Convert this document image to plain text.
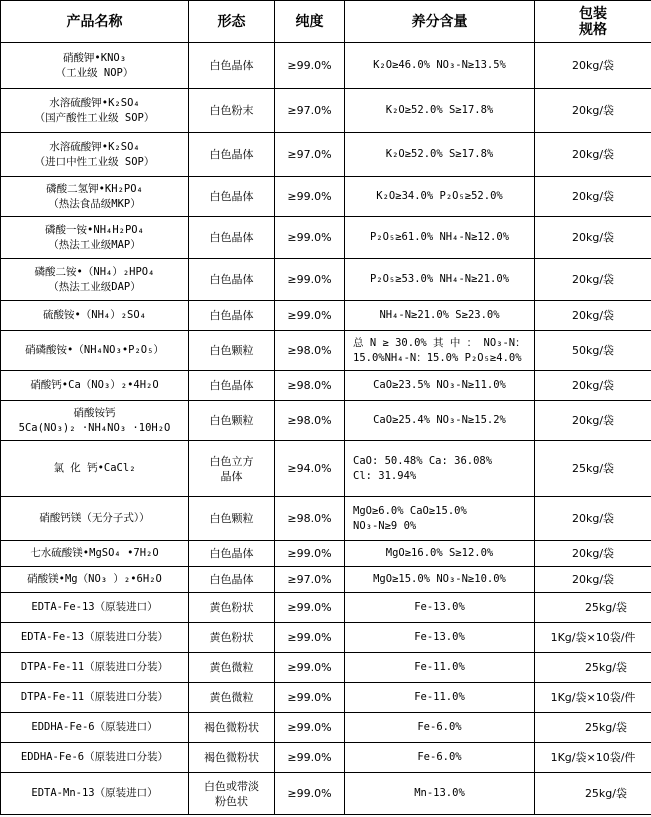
产品名称	形态	纯度	养分含量	包装
规格

硝酸钾•KNO₃
（工业级 NOP）	白色晶体	≥99.0%	K₂O≥46.0% NO₃-N≥13.5%	20kg/袋

水溶硫酸钾•K₂SO₄
（国产酸性工业级 SOP）	白色粉末	≥97.0%	K₂O≥52.0% S≥17.8%	20kg/袋

水溶硫酸钾•K₂SO₄
（进口中性工业级 SOP）	白色晶体	≥97.0%	K₂O≥52.0% S≥17.8%	20kg/袋

磷酸二氢钾•KH₂PO₄
（热法食品级MKP）	白色晶体	≥99.0%	K₂O≥34.0% P₂O₅≥52.0%	20kg/袋

磷酸一铵•NH₄H₂PO₄
（热法工业级MAP）	白色晶体	≥99.0%	P₂O₅≥61.0% NH₄-N≥12.0%	20kg/袋

磷酸二铵•（NH₄）₂HPO₄
（热法工业级DAP）	白色晶体	≥99.0%	P₂O₅≥53.0% NH₄-N≥21.0%	20kg/袋

硫酸铵•（NH₄）₂SO₄	白色晶体	≥99.0%	NH₄-N≥21.0% S≥23.0%	20kg/袋

硝磷酸铵•（NH₄NO₃•P₂O₅）	白色颗粒	≥98.0%	总 N ≥ 30.0% 其 中 ： NO₃-N：
15.0%NH₄-N：15.0% P₂O₅≥4.0%	50kg/袋

硝酸钙•Ca（NO₃）₂•4H₂O	白色晶体	≥98.0%	CaO≥23.5% NO₃-N≥11.0%	20kg/袋

硝酸铵钙
5Ca(NO₃)₂ ·NH₄NO₃ ·10H₂O	白色颗粒	≥98.0%	CaO≥25.4% NO₃-N≥15.2%	20kg/袋

氯 化 钙•CaCl₂	白色立方
晶体	≥94.0%	CaO: 50.48% Ca: 36.08%
Cl: 31.94%	25kg/袋

硝酸钙镁（无分子式））	白色颗粒	≥98.0%	MgO≥6.0% CaO≥15.0%
NO₃-N≥9 0%	20kg/袋

七水硫酸镁•MgSO₄ •7H₂O	白色晶体	≥99.0%	MgO≥16.0% S≥12.0%	20kg/袋

硝酸镁•Mg（NO₃ ）₂•6H₂O	白色晶体	≥97.0%	MgO≥15.0% NO₃-N≥10.0%	20kg/袋

EDTA-Fe-13（原装进口）	黄色粉状	≥99.0%	Fe-13.0%	25kg/袋

EDTA-Fe-13（原装进口分装）	黄色粉状	≥99.0%	Fe-13.0%	1Kg/袋×10袋/件

DTPA-Fe-11（原装进口分装）	黄色微粒	≥99.0%	Fe-11.0%	25kg/袋

DTPA-Fe-11（原装进口分装）	黄色微粒	≥99.0%	Fe-11.0%	1Kg/袋×10袋/件

EDDHA-Fe-6（原装进口）	褐色微粉状	≥99.0%	Fe-6.0%	25kg/袋

EDDHA-Fe-6（原装进口分装）	褐色微粉状	≥99.0%	Fe-6.0%	1Kg/袋×10袋/件

EDTA-Mn-13（原装进口）	白色或带淡
粉色状	≥99.0%	Mn-13.0%	25kg/袋
